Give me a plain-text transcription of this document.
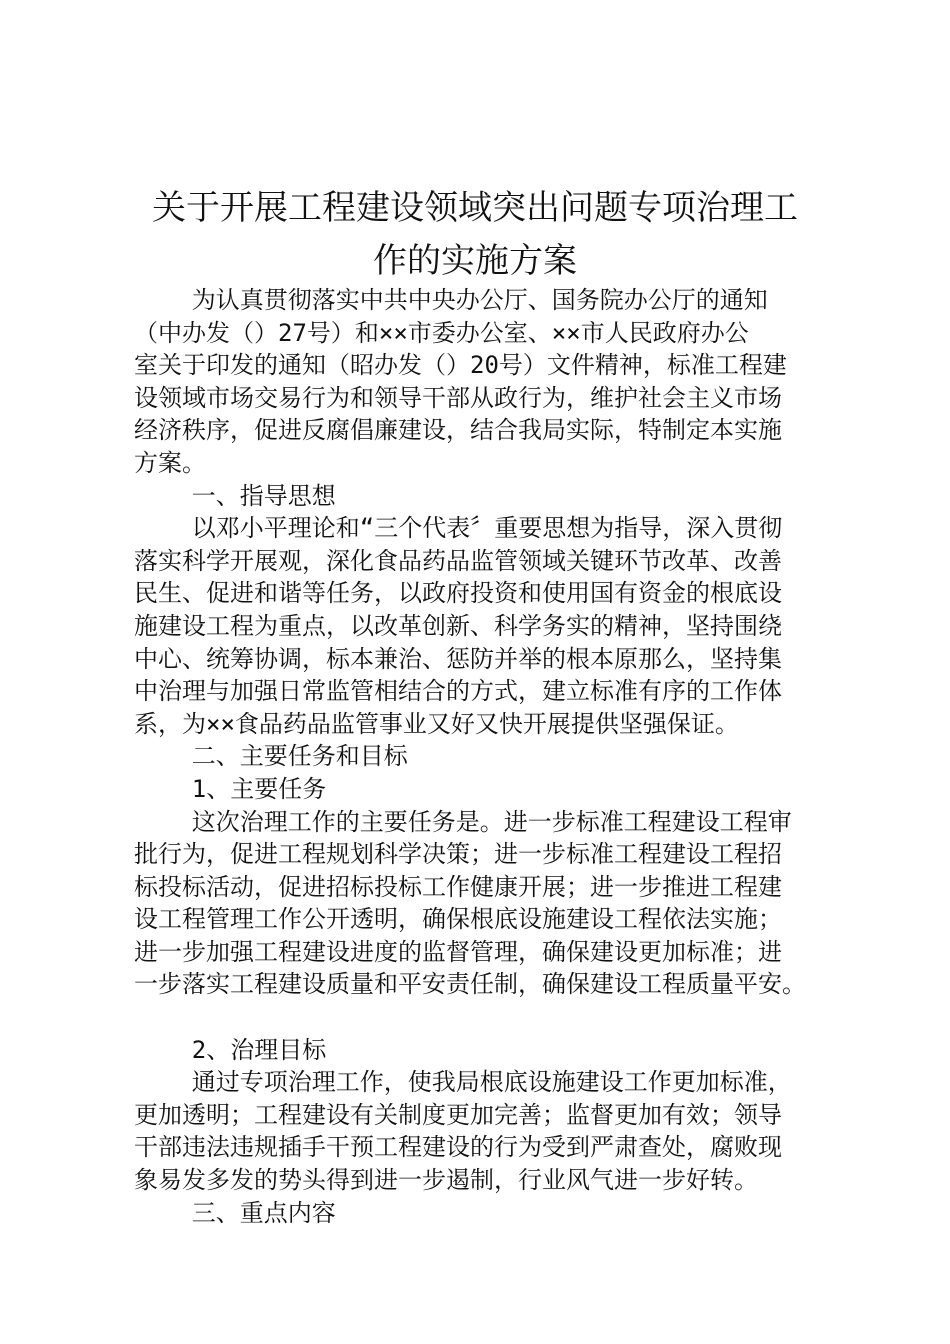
关于开展工程建设领域突出问题专项治理工
作的实施方案
为认真贯彻落实中共中央办公厅、国务院办公厅的通知
（中办发（）27号）和××市委办公室、××市人民政府办公
室关于印发的通知（昭办发（）20号）文件精神，标准工程建
设领域市场交易行为和领导干部从政行为，维护社会主义市场
经济秩序，促进反腐倡廉建设，结合我局实际，特制定本实施
方案。
一、指导思想
以邓小平理论和“三个代表〞重要思想为指导，深入贯彻
落实科学开展观，深化食品药品监管领域关键环节改革、改善
民生、促进和谐等任务，以政府投资和使用国有资金的根底设
施建设工程为重点，以改革创新、科学务实的精神，坚持围绕
中心、统筹协调，标本兼治、惩防并举的根本原那么，坚持集
中治理与加强日常监管相结合的方式，建立标准有序的工作体
系，为××食品药品监管事业又好又快开展提供坚强保证。
二、主要任务和目标
1、主要任务
这次治理工作的主要任务是。进一步标准工程建设工程审
批行为，促进工程规划科学决策；进一步标准工程建设工程招
标投标活动，促进招标投标工作健康开展；进一步推进工程建
设工程管理工作公开透明，确保根底设施建设工程依法实施；
进一步加强工程建设进度的监督管理，确保建设更加标准；进
一步落实工程建设质量和平安责任制，确保建设工程质量平安。
2、治理目标
通过专项治理工作，使我局根底设施建设工作更加标准，
更加透明；工程建设有关制度更加完善；监督更加有效；领导
干部违法违规插手干预工程建设的行为受到严肃查处，腐败现
象易发多发的势头得到进一步遏制，行业风气进一步好转。
三、重点内容
